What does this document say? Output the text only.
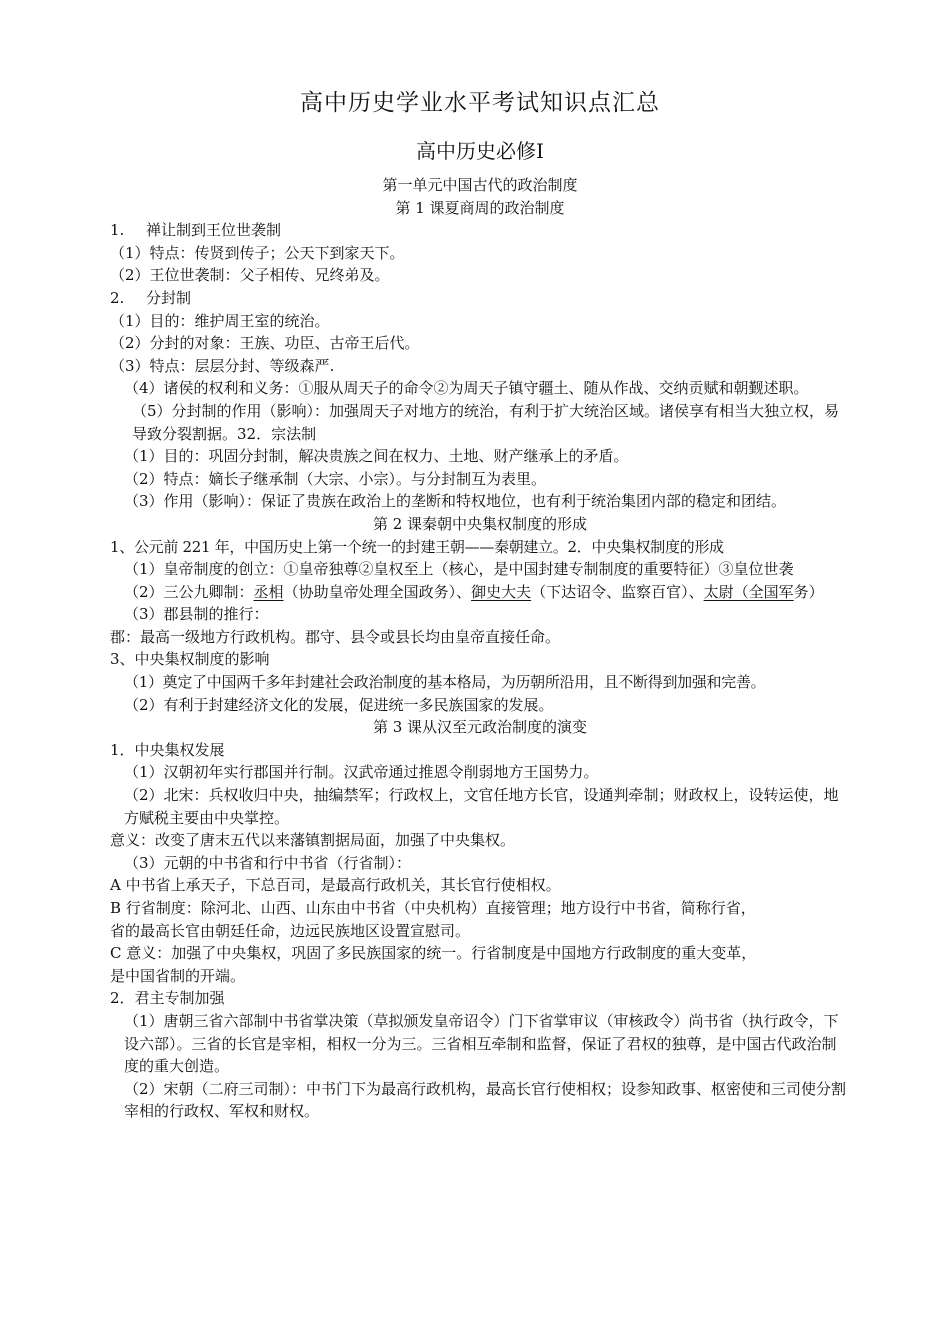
高中历史学业水平考试知识点汇总
高中历史必修Ⅰ
第一单元中国古代的政治制度
第 1 课夏商周的政治制度
1. 禅让制到王位世袭制
（1）特点：传贤到传子；公天下到家天下。
（2）王位世袭制：父子相传、兄终弟及。
2. 分封制
（1）目的：维护周王室的统治。
（2）分封的对象：王族、功臣、古帝王后代。
（3）特点：层层分封、等级森严.
（4）诸侯的权利和义务：①服从周天子的命令②为周天子镇守疆土、随从作战、交纳贡赋和朝觐述职。
（5）分封制的作用（影响）：加强周天子对地方的统治，有利于扩大统治区域。诸侯享有相当大独立权，易导致分裂割据。32．宗法制
（1）目的：巩固分封制，解决贵族之间在权力、土地、财产继承上的矛盾。
（2）特点：嫡长子继承制（大宗、小宗）。与分封制互为表里。
（3）作用（影响）：保证了贵族在政治上的垄断和特权地位，也有利于统治集团内部的稳定和团结。
第 2 课秦朝中央集权制度的形成
1、公元前 221 年，中国历史上第一个统一的封建王朝——秦朝建立。2．中央集权制度的形成
（1）皇帝制度的创立：①皇帝独尊②皇权至上（核心，是中国封建专制制度的重要特征）③皇位世袭
（2）三公九卿制：丞相（协助皇帝处理全国政务）、御史大夫（下达诏令、监察百官）、太尉（全国军务）
（3）郡县制的推行：
郡：最高一级地方行政机构。郡守、县令或县长均由皇帝直接任命。
3、中央集权制度的影响
（1）奠定了中国两千多年封建社会政治制度的基本格局，为历朝所沿用，且不断得到加强和完善。
（2）有利于封建经济文化的发展，促进统一多民族国家的发展。
第 3 课从汉至元政治制度的演变
1．中央集权发展
（1）汉朝初年实行郡国并行制。汉武帝通过推恩令削弱地方王国势力。
（2）北宋：兵权收归中央，抽编禁军；行政权上，文官任地方长官，设通判牵制；财政权上，设转运使，地方赋税主要由中央掌控。
意义：改变了唐末五代以来藩镇割据局面，加强了中央集权。
（3）元朝的中书省和行中书省（行省制）：
A 中书省上承天子，下总百司，是最高行政机关，其长官行使相权。
B 行省制度：除河北、山西、山东由中书省（中央机构）直接管理；地方设行中书省，简称行省，
省的最高长官由朝廷任命，边远民族地区设置宣慰司。
C 意义：加强了中央集权，巩固了多民族国家的统一。行省制度是中国地方行政制度的重大变革，
是中国省制的开端。
2．君主专制加强
（1）唐朝三省六部制中书省掌决策（草拟颁发皇帝诏令）门下省掌审议（审核政令）尚书省（执行政令，下设六部）。三省的长官是宰相，相权一分为三。三省相互牵制和监督，保证了君权的独尊，是中国古代政治制度的重大创造。
（2）宋朝（二府三司制）：中书门下为最高行政机构，最高长官行使相权；设参知政事、枢密使和三司使分割宰相的行政权、军权和财权。
